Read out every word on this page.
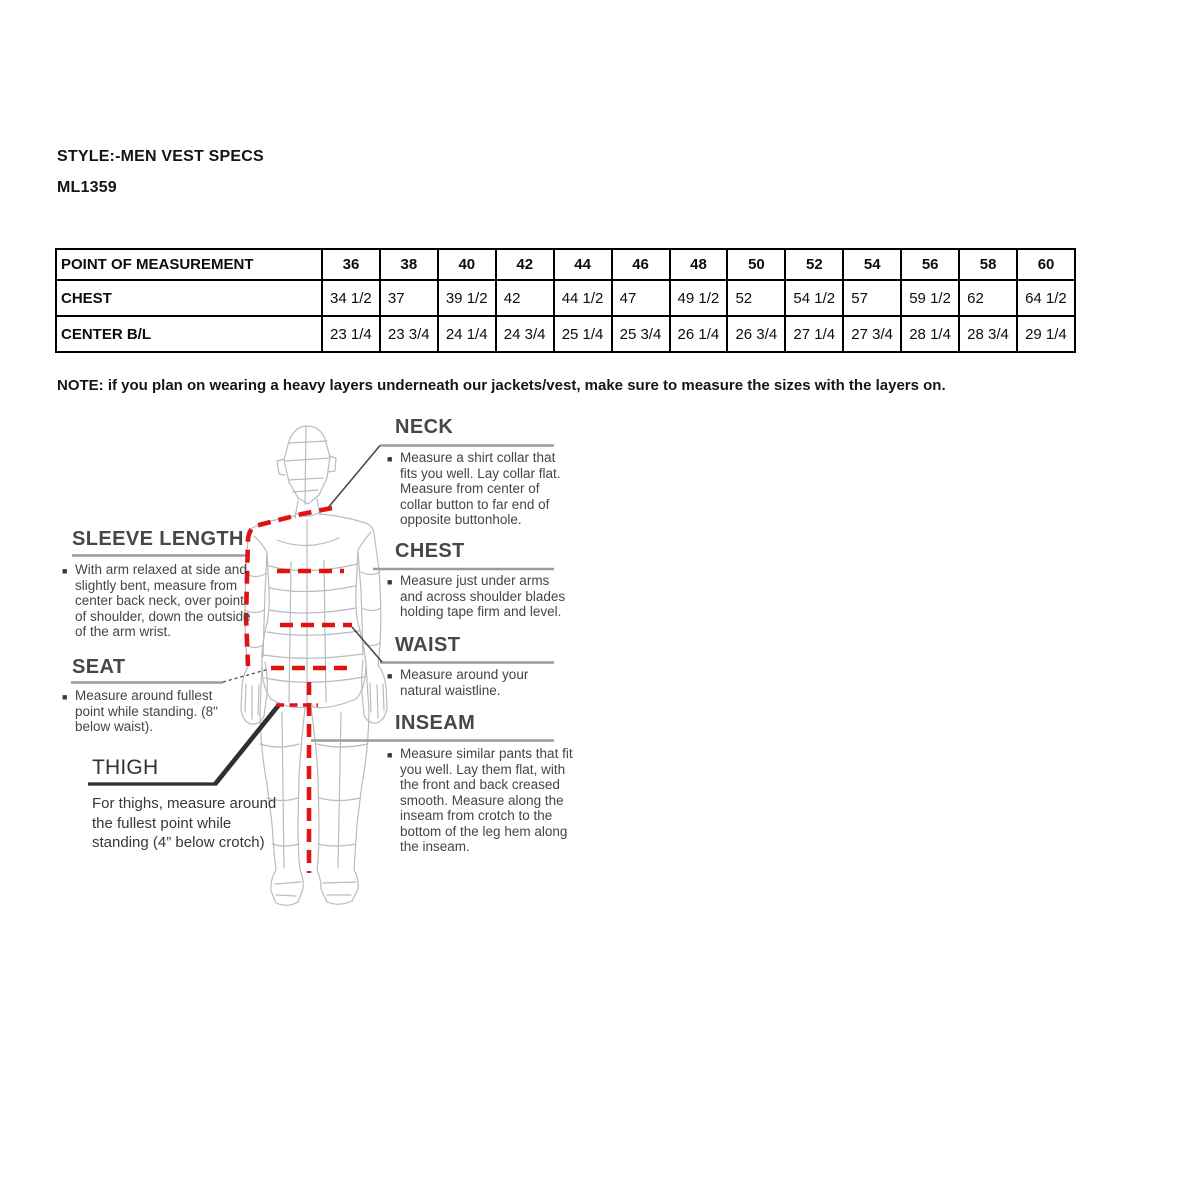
STYLE:-MEN VEST SPECS
ML1359
POINT OF MEASUREMENT	36	38	40	42	44	46	48	50	52	54	56	58	60
CHEST	34 1/2	37	39 1/2	42	44 1/2	47	49 1/2	52	54 1/2	57	59 1/2	62	64 1/2
CENTER B/L	23 1/4	23 3/4	24 1/4	24 3/4	25 1/4	25 3/4	26 1/4	26 3/4	27 1/4	27 3/4	28 1/4	28 3/4	29 1/4
NOTE: if you plan on wearing a heavy layers underneath our jackets/vest, make sure to measure the sizes with the layers on.
SLEEVE LENGTH
■ With arm relaxed at side and slightly bent, measure from center back neck, over point of shoulder, down the outside of the arm wrist.
SEAT
■ Measure around fullest point while standing. (8" below waist).
THIGH
For thighs, measure around the fullest point while standing (4” below crotch)
NECK
■ Measure a shirt collar that fits you well. Lay collar flat. Measure from center of collar button to far end of opposite buttonhole.
CHEST
■ Measure just under arms and across shoulder blades holding tape firm and level.
WAIST
■ Measure around your natural waistline.
INSEAM
■ Measure similar pants that fit you well. Lay them flat, with the front and back creased smooth. Measure along the inseam from crotch to the bottom of the leg hem along the inseam.
